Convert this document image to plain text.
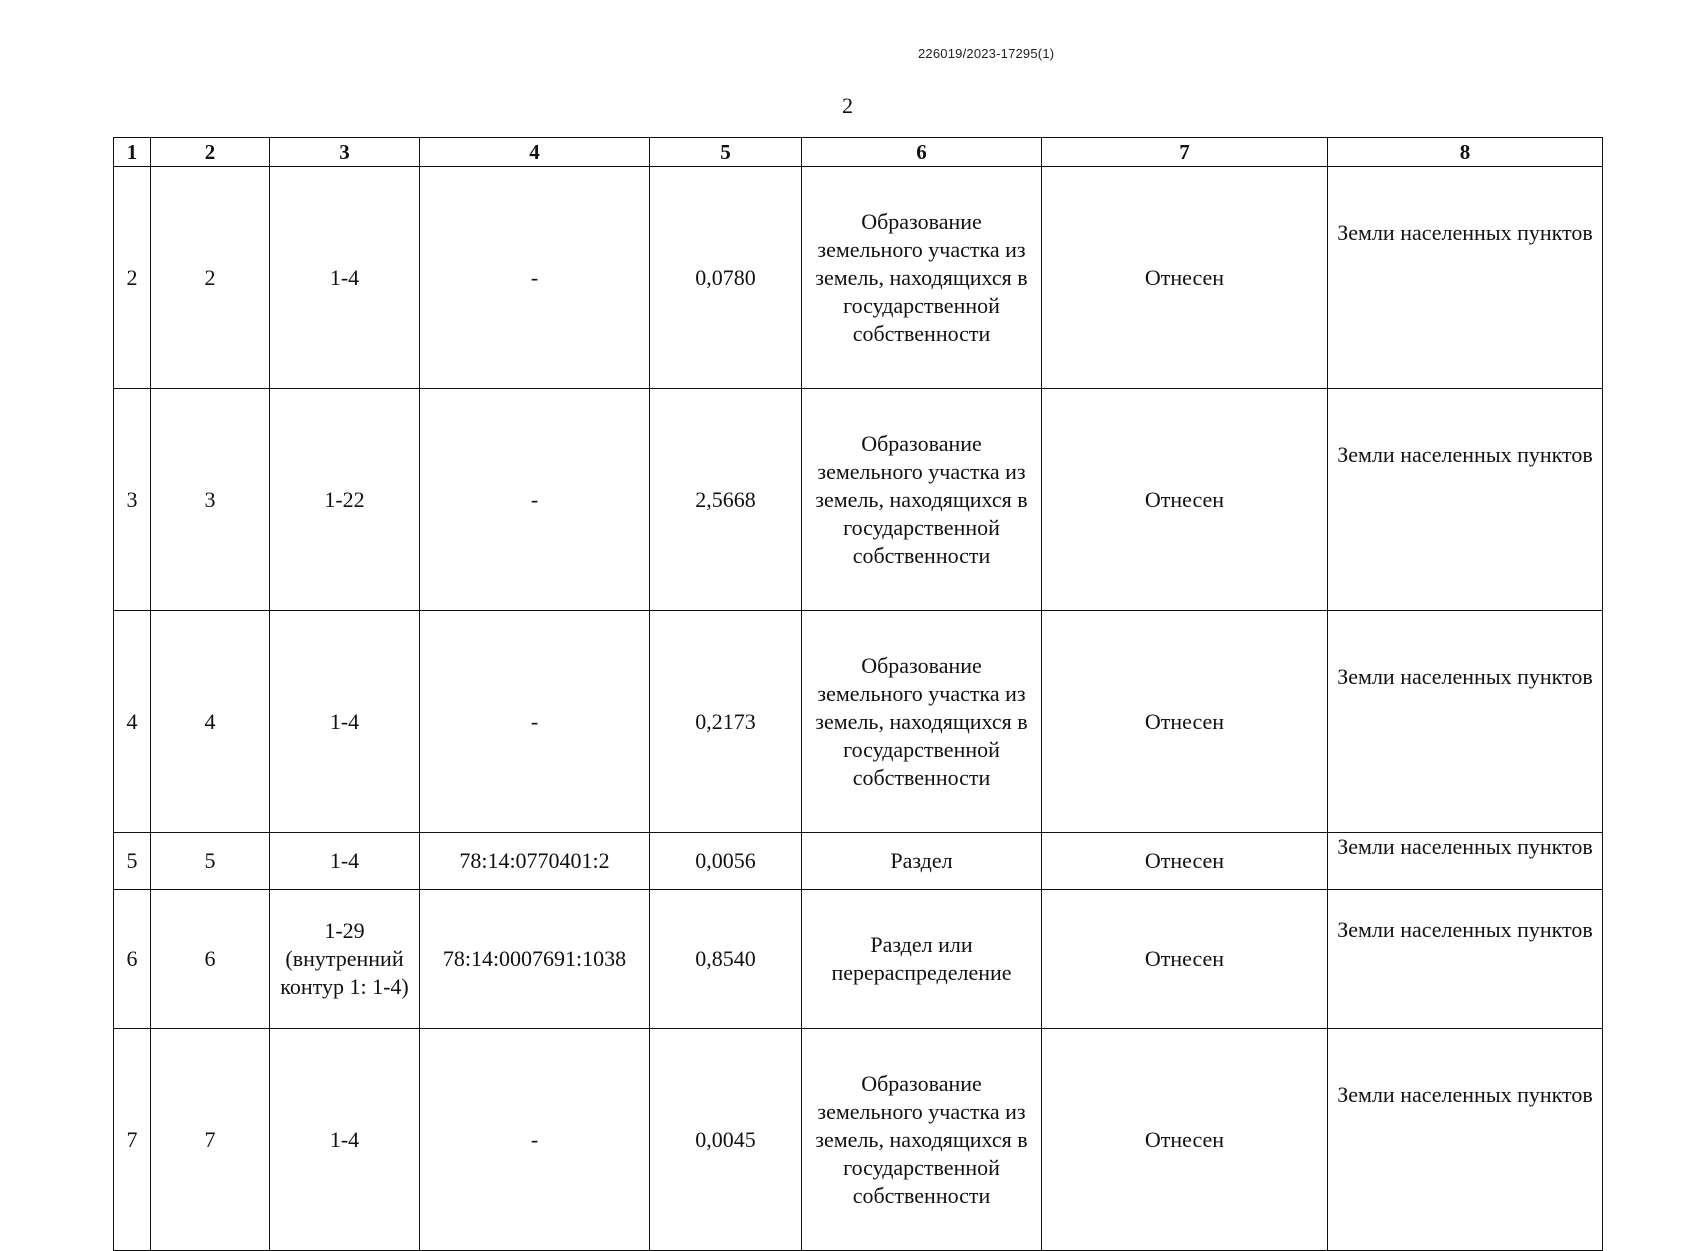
226019/2023-17295(1)
2
1	2	3	4	5	6	7	8
2	2	1-4	-	0,0780	Образование земельного участка из земель, находящихся в государственной собственности	Отнесен	Земли населенных пунктов
3	3	1-22	-	2,5668	Образование земельного участка из земель, находящихся в государственной собственности	Отнесен	Земли населенных пунктов
4	4	1-4	-	0,2173	Образование земельного участка из земель, находящихся в государственной собственности	Отнесен	Земли населенных пунктов
5	5	1-4	78:14:0770401:2	0,0056	Раздел	Отнесен	Земли населенных пунктов
6	6	1-29 (внутренний контур 1: 1-4)	78:14:0007691:1038	0,8540	Раздел или перераспределение	Отнесен	Земли населенных пунктов
7	7	1-4	-	0,0045	Образование земельного участка из земель, находящихся в государственной собственности	Отнесен	Земли населенных пунктов
